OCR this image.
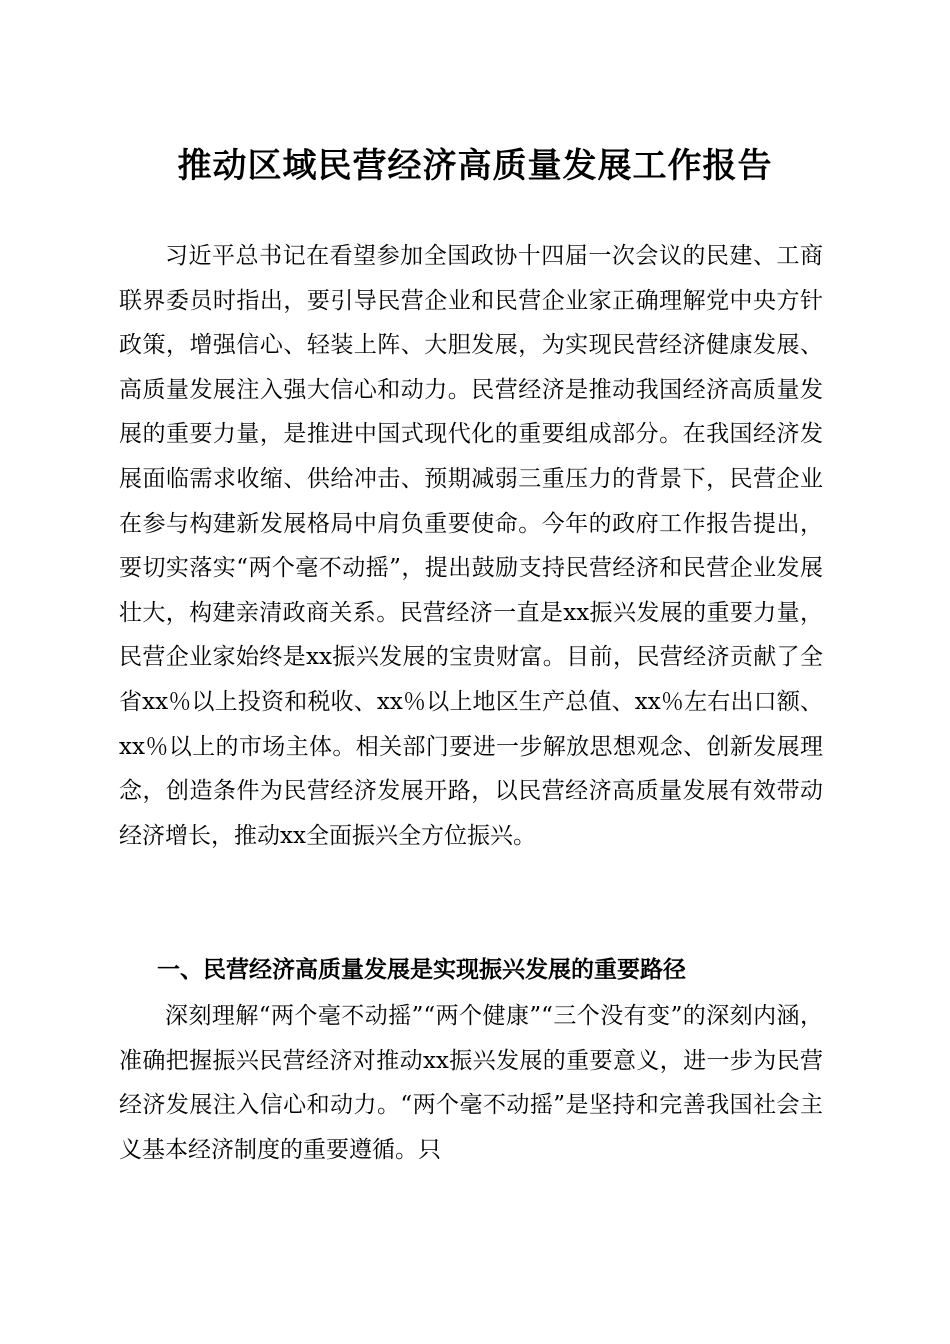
推动区域民营经济高质量发展工作报告

习近平总书记在看望参加全国政协十四届一次会议的民建、工商联界委员时指出，要引导民营企业和民营企业家正确理解党中央方针政策，增强信心、轻装上阵、大胆发展，为实现民营经济健康发展、高质量发展注入强大信心和动力。民营经济是推动我国经济高质量发展的重要力量，是推进中国式现代化的重要组成部分。在我国经济发展面临需求收缩、供给冲击、预期减弱三重压力的背景下，民营企业在参与构建新发展格局中肩负重要使命。今年的政府工作报告提出，要切实落实“两个毫不动摇”，提出鼓励支持民营经济和民营企业发展壮大，构建亲清政商关系。民营经济一直是xx振兴发展的重要力量，民营企业家始终是xx振兴发展的宝贵财富。目前，民营经济贡献了全省xx％以上投资和税收、xx％以上地区生产总值、xx％左右出口额、xx％以上的市场主体。相关部门要进一步解放思想观念、创新发展理念，创造条件为民营经济发展开路，以民营经济高质量发展有效带动经济增长，推动xx全面振兴全方位振兴。

一、民营经济高质量发展是实现振兴发展的重要路径

深刻理解“两个毫不动摇”“两个健康”“三个没有变”的深刻内涵，准确把握振兴民营经济对推动xx振兴发展的重要意义，进一步为民营经济发展注入信心和动力。“两个毫不动摇”是坚持和完善我国社会主义基本经济制度的重要遵循。只
